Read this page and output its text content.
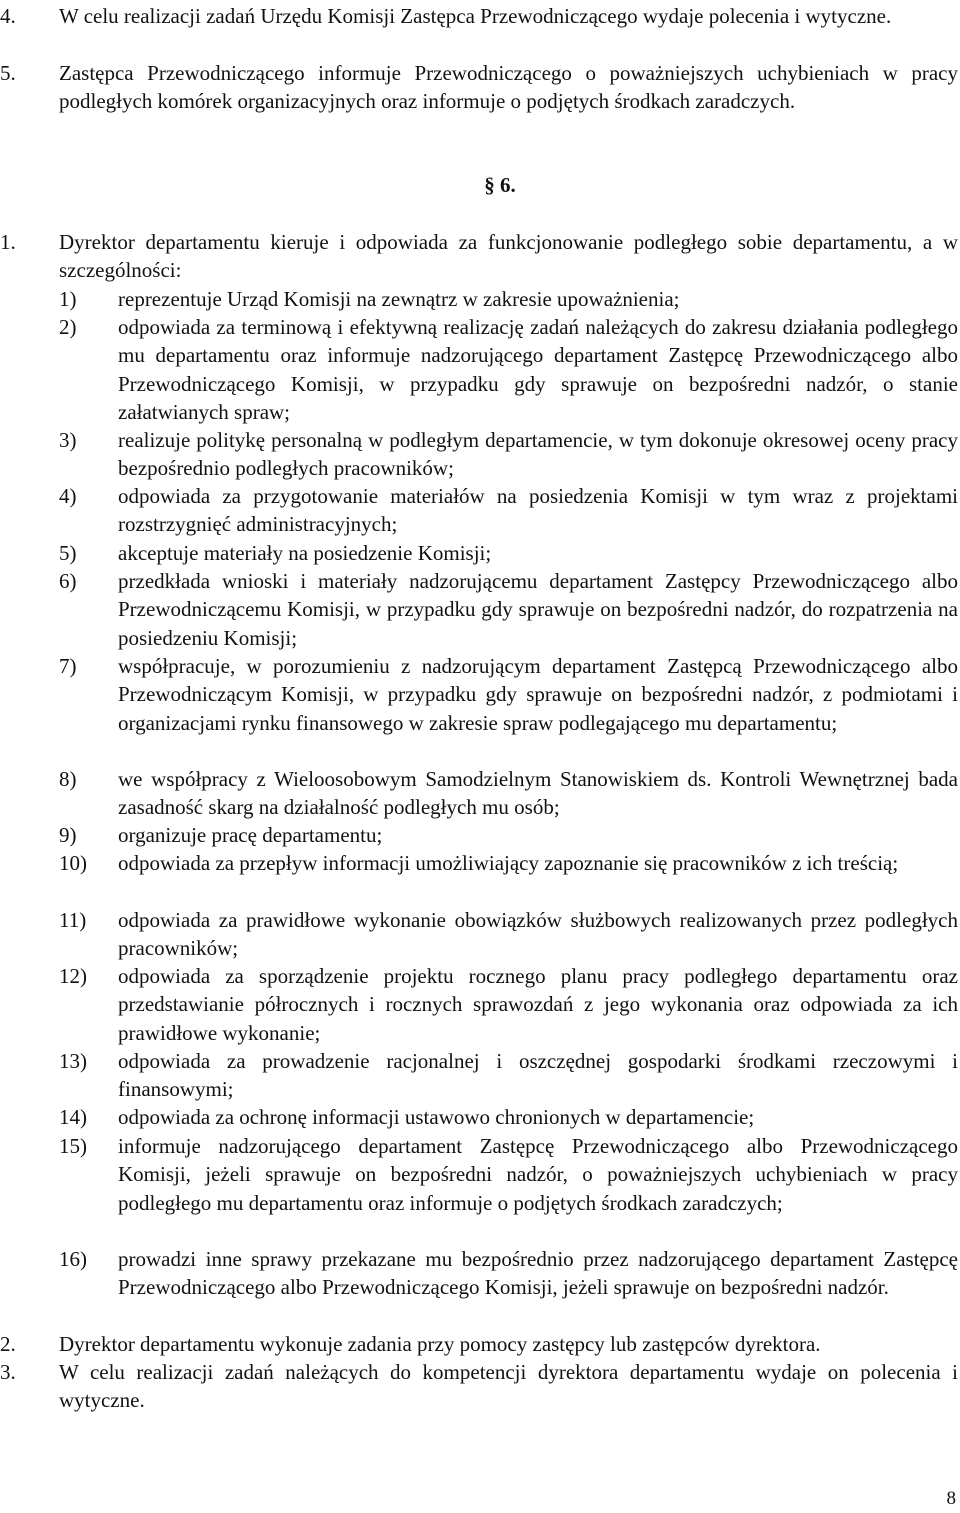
4. W celu realizacji zadań Urzędu Komisji Zastępca Przewodniczącego wydaje polecenia i wytyczne.
5. Zastępca Przewodniczącego informuje Przewodniczącego o poważniejszych uchybieniach w pracy podległych komórek organizacyjnych oraz informuje o podjętych środkach zaradczych.
§ 6.
1. Dyrektor departamentu kieruje i odpowiada za funkcjonowanie podległego sobie departamentu, a w szczególności:
1) reprezentuje Urząd Komisji na zewnątrz w zakresie upoważnienia;
2) odpowiada za terminową i efektywną realizację zadań należących do zakresu działania podległego mu departamentu oraz informuje nadzorującego departament Zastępcę Przewodniczącego albo Przewodniczącego Komisji, w przypadku gdy sprawuje on bezpośredni nadzór, o stanie załatwianych spraw;
3) realizuje politykę personalną w podległym departamencie, w tym dokonuje okresowej oceny pracy bezpośrednio podległych pracowników;
4) odpowiada za przygotowanie materiałów na posiedzenia Komisji w tym wraz z projektami rozstrzygnięć administracyjnych;
5) akceptuje materiały na posiedzenie Komisji;
6) przedkłada wnioski i materiały nadzorującemu departament Zastępcy Przewodniczącego albo Przewodniczącemu Komisji, w przypadku gdy sprawuje on bezpośredni nadzór, do rozpatrzenia na posiedzeniu Komisji;
7) współpracuje, w porozumieniu z nadzorującym departament Zastępcą Przewodniczącego albo Przewodniczącym Komisji, w przypadku gdy sprawuje on bezpośredni nadzór, z podmiotami i organizacjami rynku finansowego w zakresie spraw podlegającego mu departamentu;
8) we współpracy z Wieloosobowym Samodzielnym Stanowiskiem ds. Kontroli Wewnętrznej bada zasadność skarg na działalność podległych mu osób;
9) organizuje pracę departamentu;
10) odpowiada za przepływ informacji umożliwiający zapoznanie się pracowników z ich treścią;
11) odpowiada za prawidłowe wykonanie obowiązków służbowych realizowanych przez podległych pracowników;
12) odpowiada za sporządzenie projektu rocznego planu pracy podległego departamentu oraz przedstawianie półrocznych i rocznych sprawozdań z jego wykonania oraz odpowiada za ich prawidłowe wykonanie;
13) odpowiada za prowadzenie racjonalnej i oszczędnej gospodarki środkami rzeczowymi i finansowymi;
14) odpowiada za ochronę informacji ustawowo chronionych w departamencie;
15) informuje nadzorującego departament Zastępcę Przewodniczącego albo Przewodniczącego Komisji, jeżeli sprawuje on bezpośredni nadzór, o poważniejszych uchybieniach w pracy podległego mu departamentu oraz informuje o podjętych środkach zaradczych;
16) prowadzi inne sprawy przekazane mu bezpośrednio przez nadzorującego departament Zastępcę Przewodniczącego albo Przewodniczącego Komisji, jeżeli sprawuje on bezpośredni nadzór.
2. Dyrektor departamentu wykonuje zadania przy pomocy zastępcy lub zastępców dyrektora.
3. W celu realizacji zadań należących do kompetencji dyrektora departamentu wydaje on polecenia i wytyczne.
8
